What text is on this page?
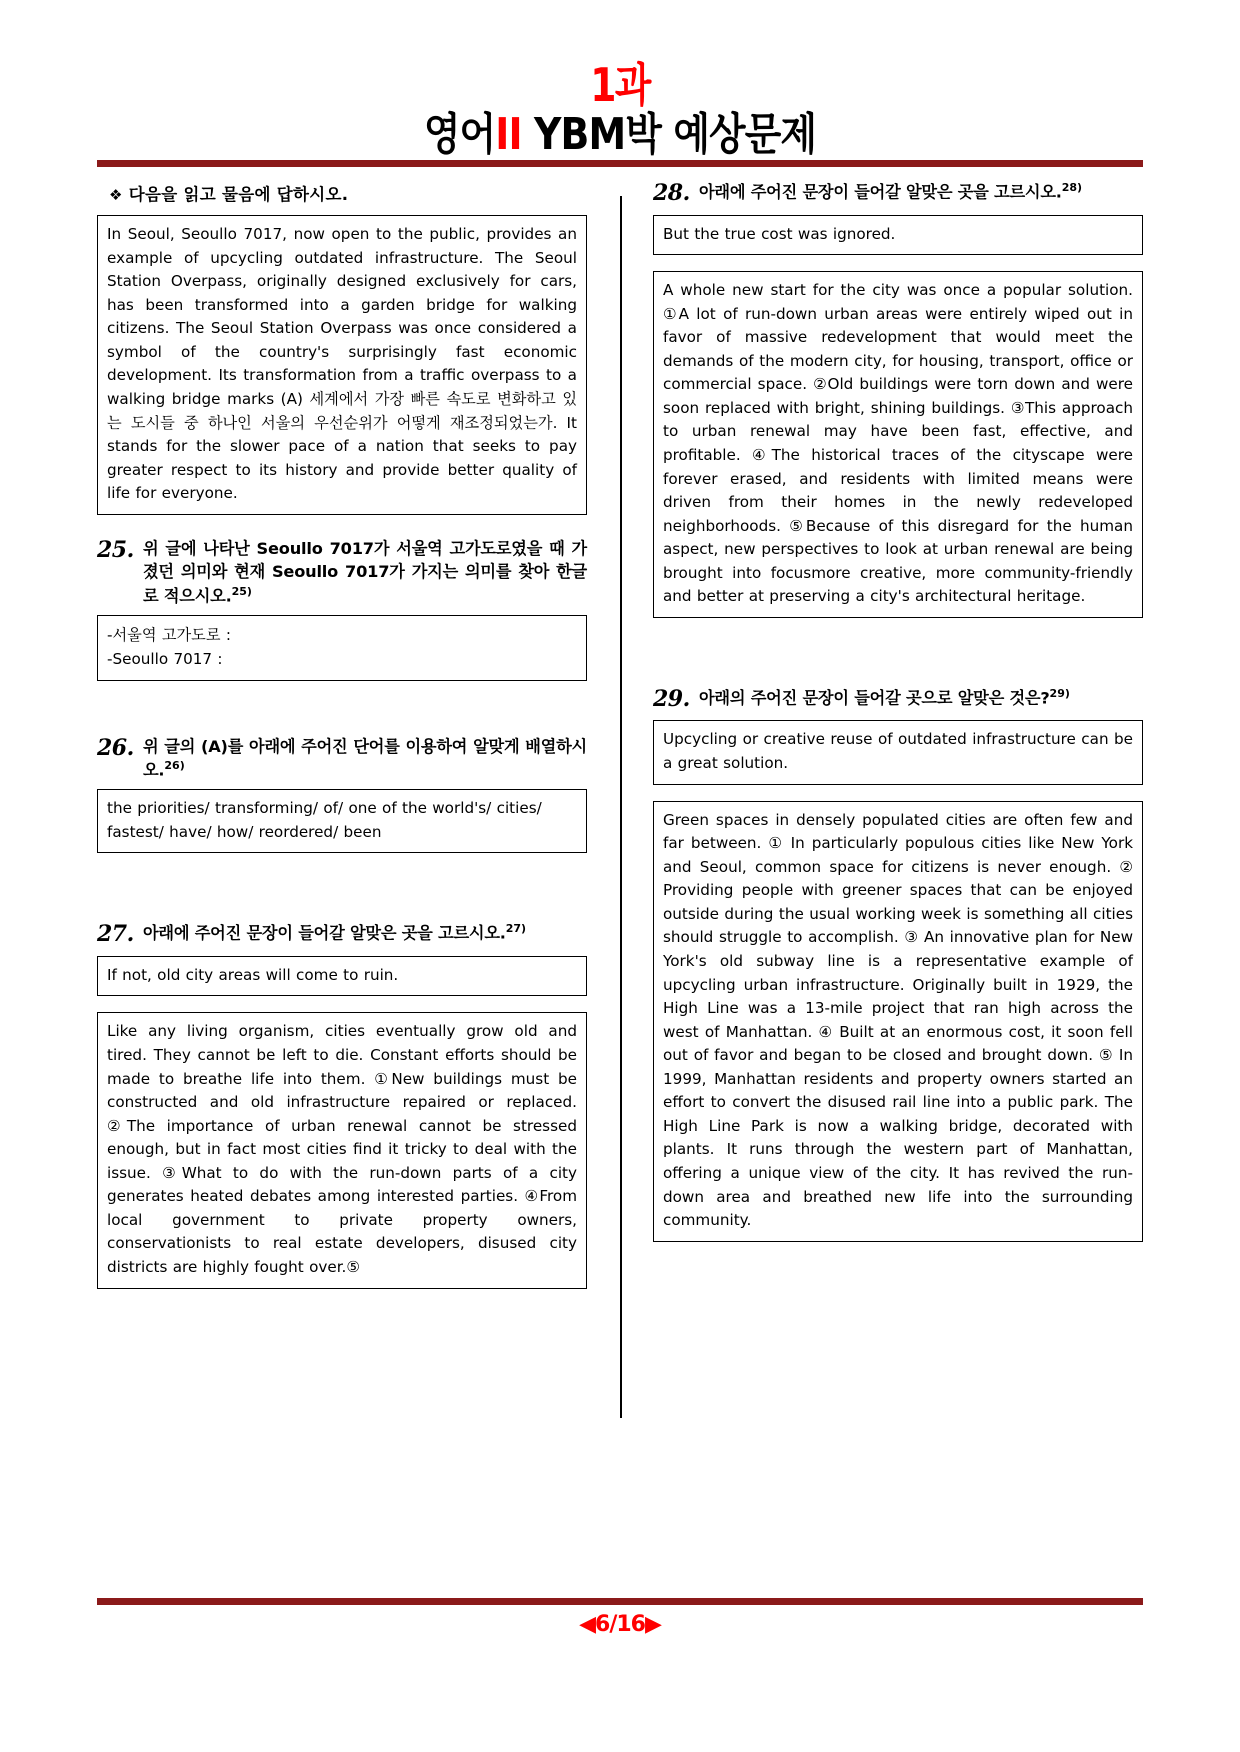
1과
영어II YBM박 예상문제
❖ 다음을 읽고 물음에 답하시오.

In Seoul, Seoullo 7017, now open to the public, provides an example of upcycling outdated infrastructure. The Seoul Station Overpass, originally designed exclusively for cars, has been transformed into a garden bridge for walking citizens. The Seoul Station Overpass was once considered a symbol of the country's surprisingly fast economic development. Its transformation from a traffic overpass to a walking bridge marks (A) 세계에서 가장 빠른 속도로 변화하고 있는 도시들 중 하나인 서울의 우선순위가 어떻게 재조정되었는가. It stands for the slower pace of a nation that seeks to pay greater respect to its history and provide better quality of life for everyone.

25. 위 글에 나타난 Seoullo 7017가 서울역 고가도로였을 때 가졌던 의미와 현재 Seoullo 7017가 가지는 의미를 찾아 한글로 적으시오.$^{25)}$

-서울역 고가도로 :

-Seoullo 7017 :

26. 위 글의 (A)를 아래에 주어진 단어를 이용하여 알맞게 배열하시오.$^{26)}$

the priorities/ transforming/ of/ one of the world's/ cities/ fastest/ have/ how/ reordered/ been

27. 아래에 주어진 문장이 들어갈 알맞은 곳을 고르시오.$^{27)}$

If not, old city areas will come to ruin.

Like any living organism, cities eventually grow old and tired. They cannot be left to die. Constant efforts should be made to breathe life into them. ①New buildings must be constructed and old infrastructure repaired or replaced. ②The importance of urban renewal cannot be stressed enough, but in fact most cities find it tricky to deal with the issue. ③What to do with the run-down parts of a city generates heated debates among interested parties. ④From local government to private property owners, conservationists to real estate developers, disused city districts are highly fought over.⑤

28. 아래에 주어진 문장이 들어갈 알맞은 곳을 고르시오.$^{28)}$

But the true cost was ignored.

A whole new start for the city was once a popular solution. ①A lot of run-down urban areas were entirely wiped out in favor of massive redevelopment that would meet the demands of the modern city, for housing, transport, office or commercial space. ②Old buildings were torn down and were soon replaced with bright, shining buildings. ③This approach to urban renewal may have been fast, effective, and profitable. ④The historical traces of the cityscape were forever erased, and residents with limited means were driven from their homes in the newly redeveloped neighborhoods. ⑤Because of this disregard for the human aspect, new perspectives to look at urban renewal are being brought into focusmore creative, more community-friendly and better at preserving a city's architectural heritage.

29. 아래의 주어진 문장이 들어갈 곳으로 알맞은 것은?$^{29)}$

Upcycling or creative reuse of outdated infrastructure can be a great solution.

Green spaces in densely populated cities are often few and far between. ① In particularly populous cities like New York and Seoul, common space for citizens is never enough. ② Providing people with greener spaces that can be enjoyed outside during the usual working week is something all cities should struggle to accomplish. ③ An innovative plan for New York's old subway line is a representative example of upcycling urban infrastructure. Originally built in 1929, the High Line was a 13-mile project that ran high across the west of Manhattan. ④ Built at an enormous cost, it soon fell out of favor and began to be closed and brought down. ⑤ In 1999, Manhattan residents and property owners started an effort to convert the disused rail line into a public park. The High Line Park is now a walking bridge, decorated with plants. It runs through the western part of Manhattan, offering a unique view of the city. It has revived the run-down area and breathed new life into the surrounding community.

◀6/16▶
